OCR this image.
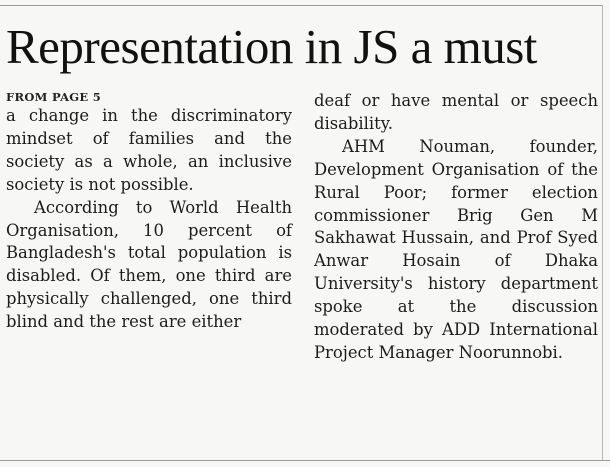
Representation in JS a must
FROM PAGE 5

a change in the discriminatory mindset of families and the society as a whole, an inclusive society is not possible.

According to World Health Organisation, 10 percent of Bangladesh's total population is disabled. Of them, one third are physically challenged, one third blind and the rest are either

deaf or have mental or speech disability.

AHM Nouman, founder, Development Organisation of the Rural Poor; former election commissioner Brig Gen M Sakhawat Hussain, and Prof Syed Anwar Hosain of Dhaka University's history department spoke at the discussion moderated by ADD International Project Manager Noorunnobi.
